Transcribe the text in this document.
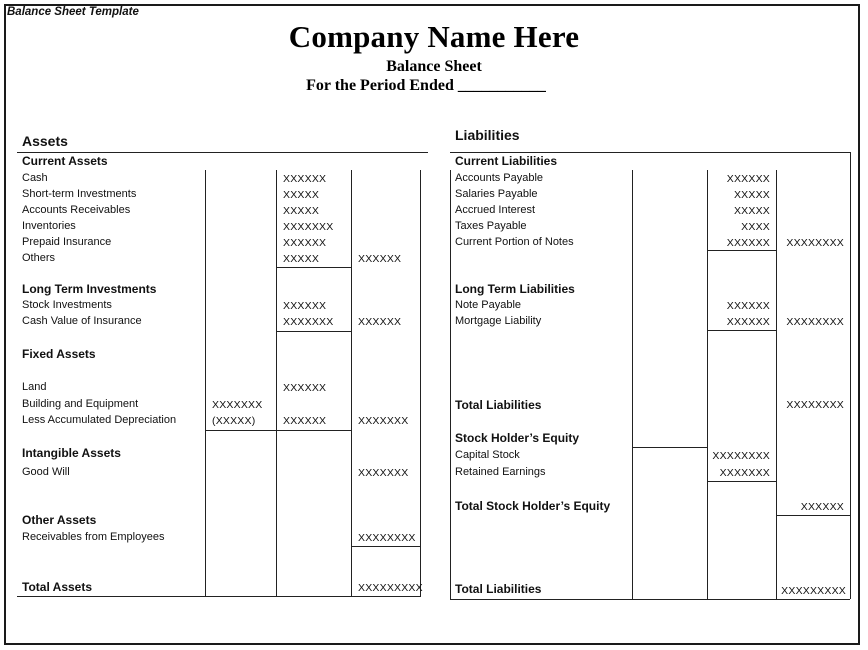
Balance Sheet Template
Company Name Here
Balance Sheet
For the Period Ended ___________
Assets
Current Assets
Cash	XXXXXX
Short-term Investments	XXXXX
Accounts Receivables	XXXXX
Inventories	XXXXXXX
Prepaid Insurance	XXXXXX
Others	XXXXX	XXXXXX
Long Term Investments
Stock Investments	XXXXXX
Cash Value of Insurance	XXXXXXX XXXXXX
Fixed Assets
Land	XXXXXX
Building and Equipment	XXXXXXX
Less Accumulated Depreciation	(XXXXX)	XXXXXX	XXXXXXX
Intangible Assets
Good Will	XXXXXXX
Other Assets
Receivables from Employees	XXXXXXXX
Total Assets	XXXXXXXXX
Liabilities
Current Liabilities
Accounts Payable	XXXXXX
Salaries Payable	XXXXX
Accrued Interest	XXXXX
Taxes Payable	XXXX
Current Portion of Notes	XXXXXX XXXXXXXX
Long Term Liabilities
Note Payable	XXXXXX
Mortgage Liability	XXXXXX XXXXXXXX
Total Liabilities	XXXXXXXX
Stock Holder’s Equity
Capital Stock	XXXXXXXX
Retained Earnings	XXXXXXX
Total Stock Holder’s Equity	XXXXXX
Total Liabilities	XXXXXXXXX
